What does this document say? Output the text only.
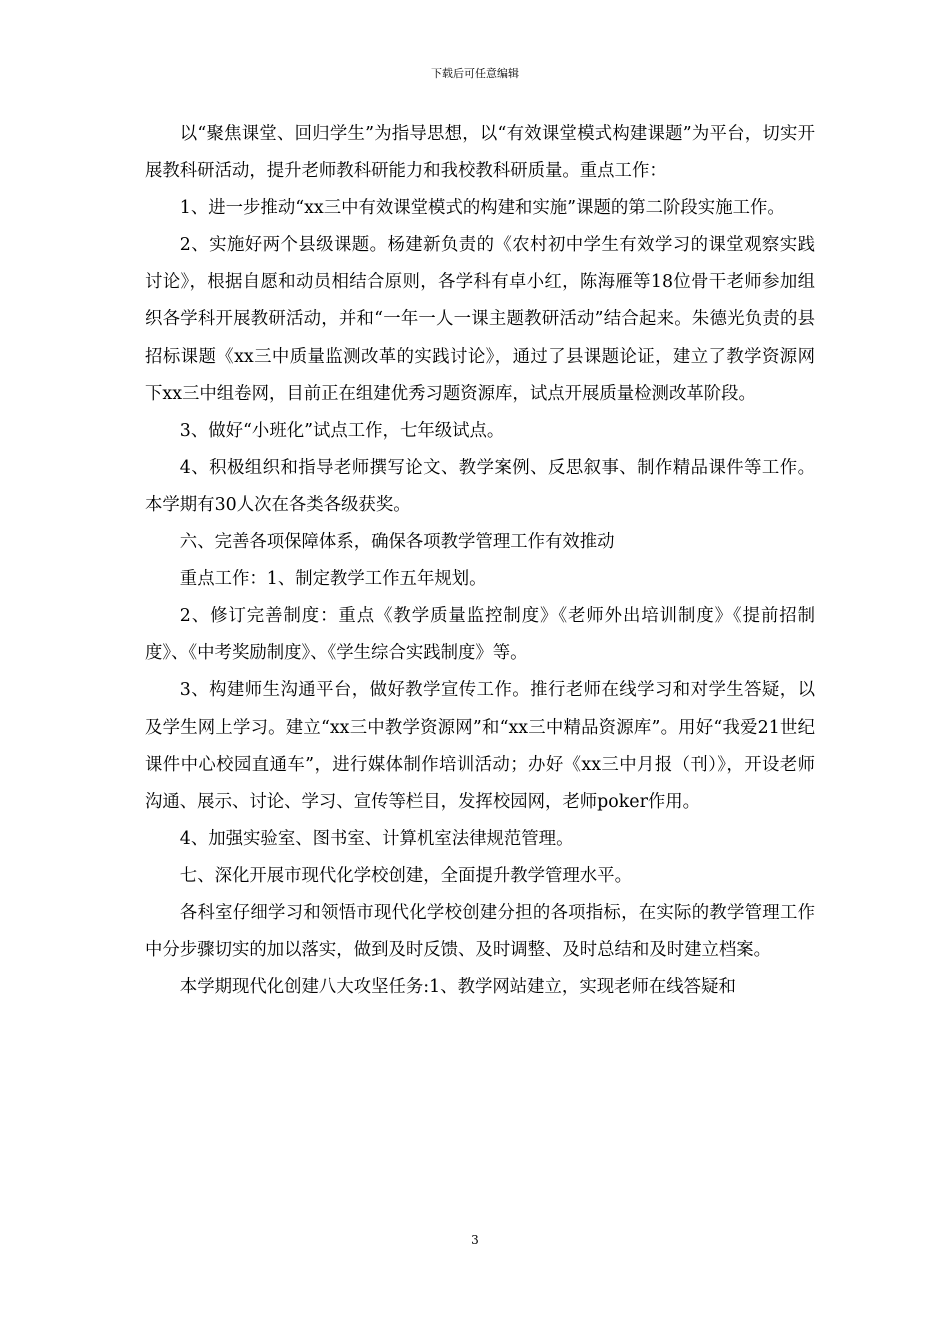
下载后可任意编辑

以“聚焦课堂、回归学生”为指导思想，以“有效课堂模式构建课题”为平台，切实开展教科研活动，提升老师教科研能力和我校教科研质量。重点工作：

1、进一步推动“xx三中有效课堂模式的构建和实施”课题的第二阶段实施工作。

2、实施好两个县级课题。杨建新负责的《农村初中学生有效学习的课堂观察实践讨论》，根据自愿和动员相结合原则，各学科有卓小红，陈海雁等18位骨干老师参加组织各学科开展教研活动，并和“一年一人一课主题教研活动”结合起来。朱德光负责的县招标课题《xx三中质量监测改革的实践讨论》，通过了县课题论证，建立了教学资源网下xx三中组卷网，目前正在组建优秀习题资源库，试点开展质量检测改革阶段。

3、做好“小班化”试点工作，七年级试点。

4、积极组织和指导老师撰写论文、教学案例、反思叙事、制作精品课件等工作。本学期有30人次在各类各级获奖。

六、完善各项保障体系，确保各项教学管理工作有效推动

重点工作：1、制定教学工作五年规划。

2、修订完善制度：重点《教学质量监控制度》《老师外出培训制度》《提前招制度》、《中考奖励制度》、《学生综合实践制度》等。

3、构建师生沟通平台，做好教学宣传工作。推行老师在线学习和对学生答疑，以及学生网上学习。建立“xx三中教学资源网”和“xx三中精品资源库”。用好“我爱21世纪课件中心校园直通车”，进行媒体制作培训活动；办好《xx三中月报（刊）》，开设老师沟通、展示、讨论、学习、宣传等栏目，发挥校园网，老师poker作用。

4、加强实验室、图书室、计算机室法律规范管理。

七、深化开展市现代化学校创建，全面提升教学管理水平。

各科室仔细学习和领悟市现代化学校创建分担的各项指标，在实际的教学管理工作中分步骤切实的加以落实，做到及时反馈、及时调整、及时总结和及时建立档案。

本学期现代化创建八大攻坚任务:1、教学网站建立，实现老师在线答疑和

3
